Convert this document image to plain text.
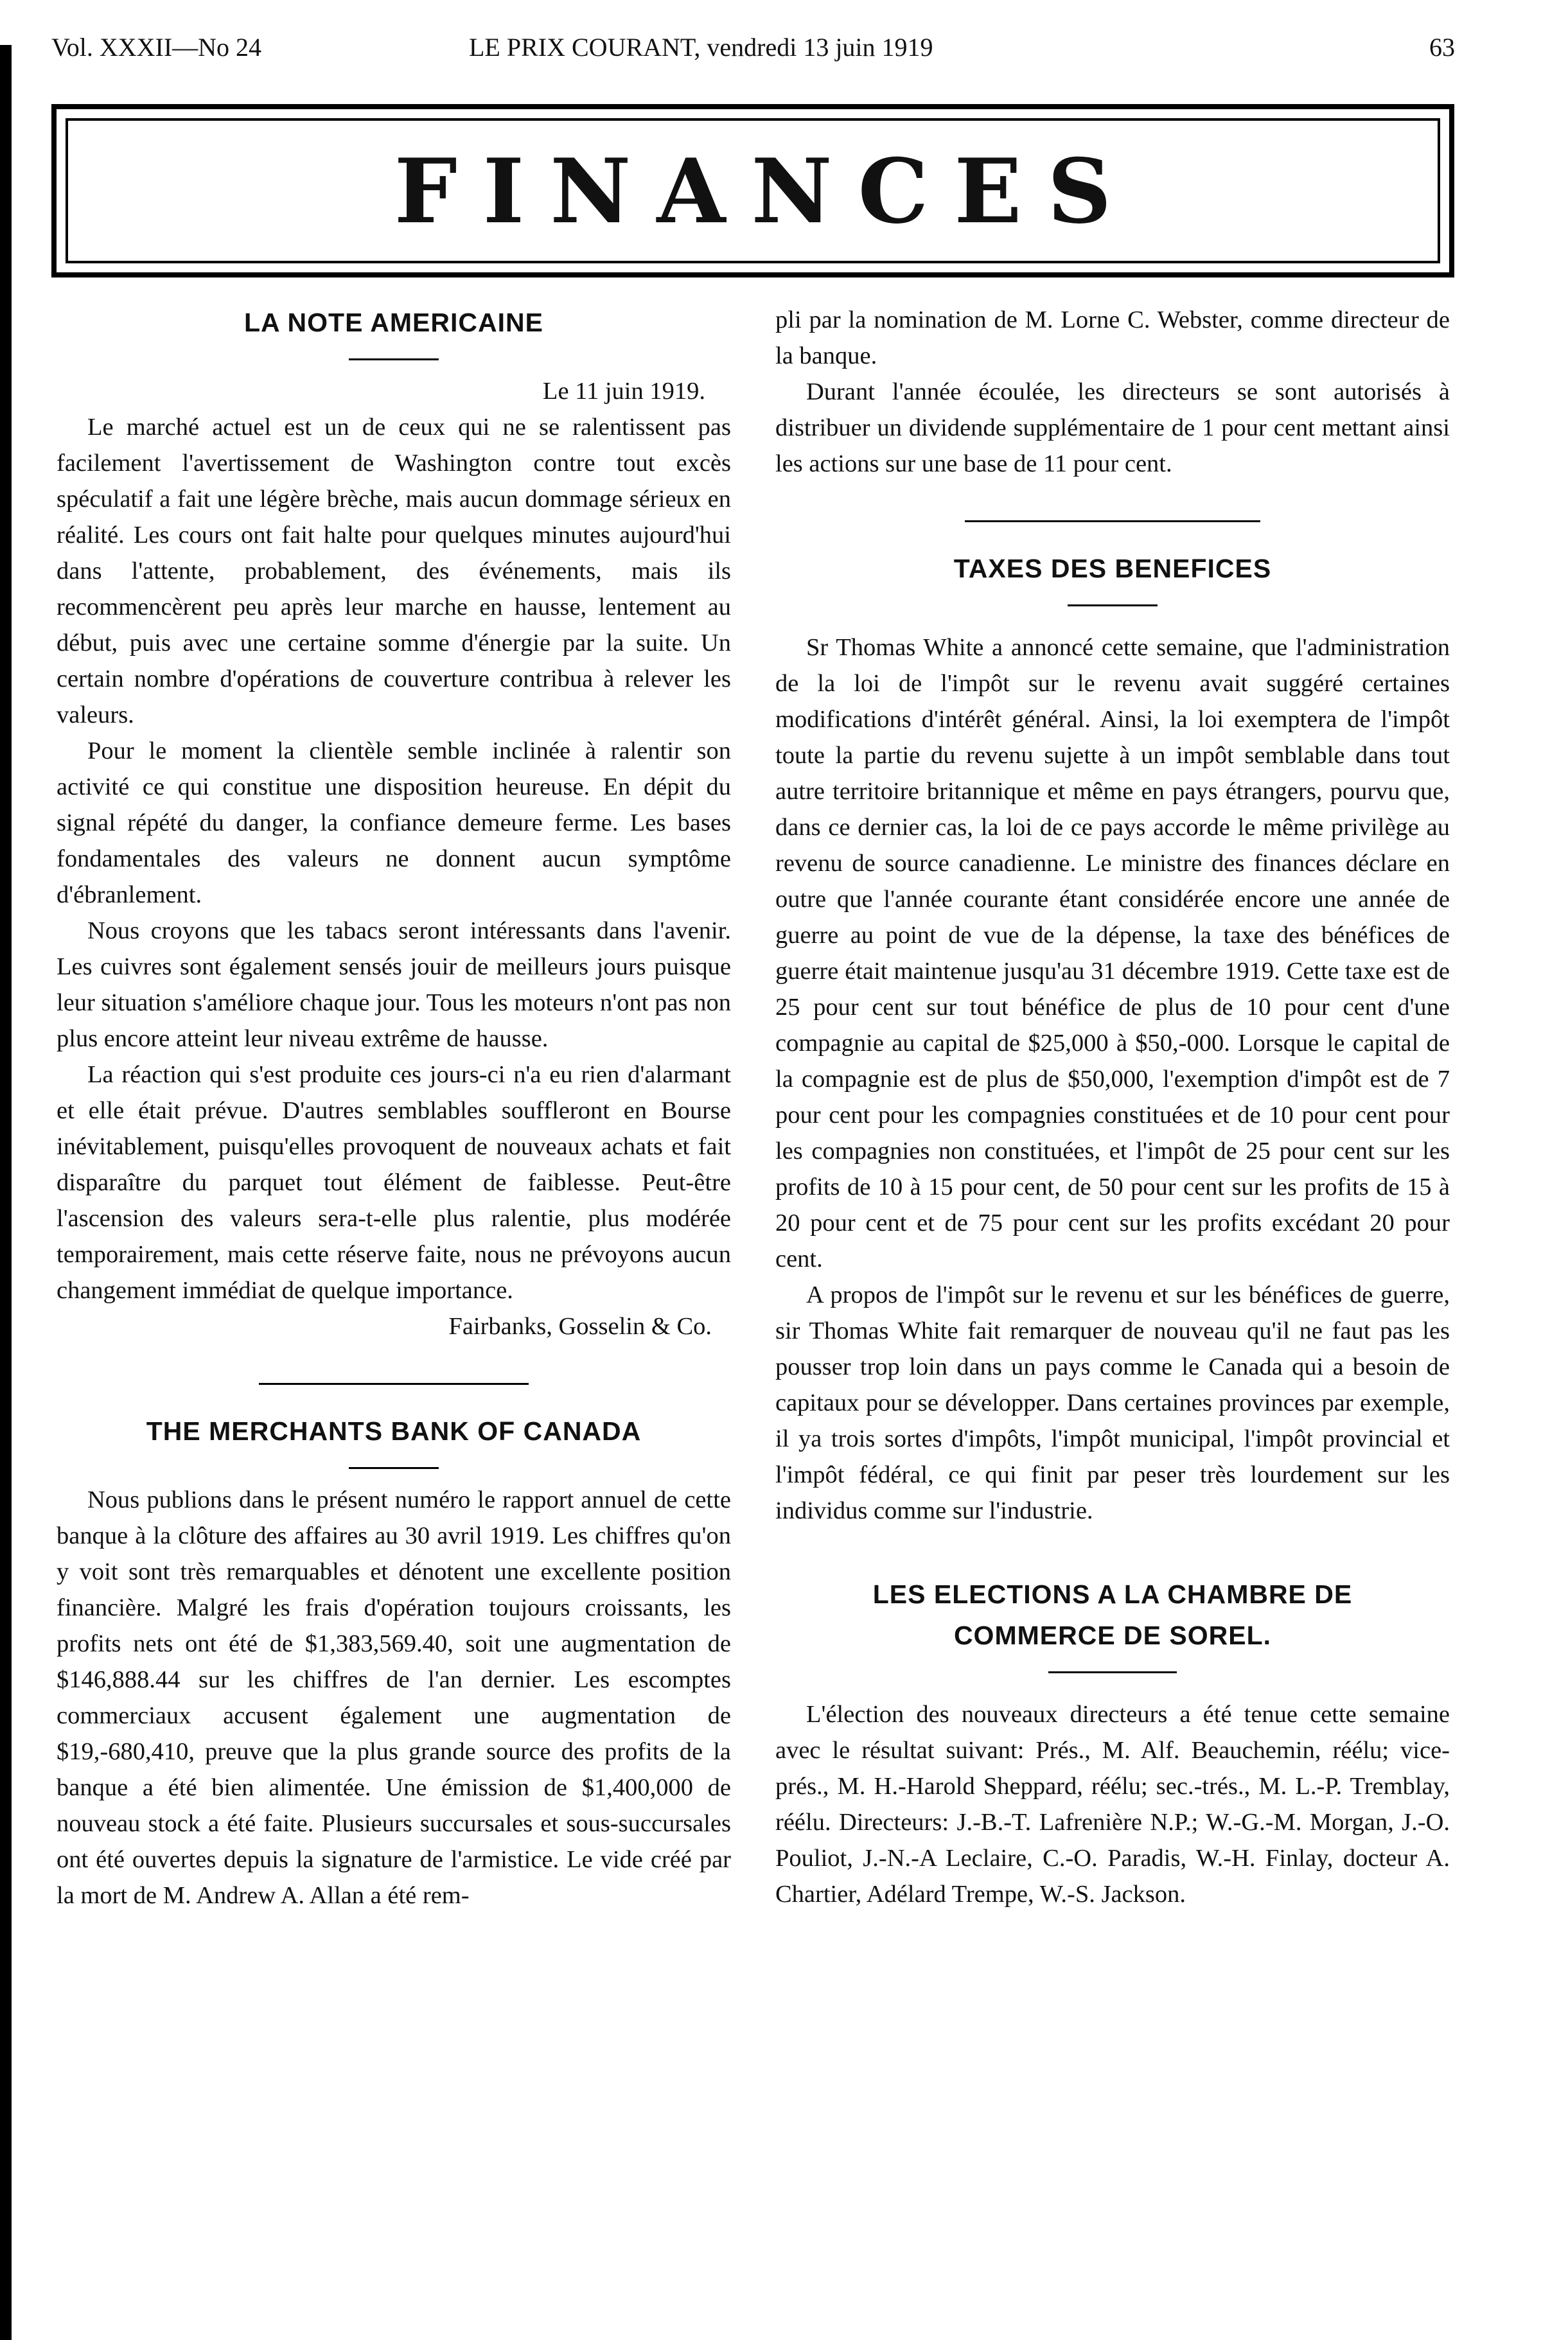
Vol. XXXII—No 24	LE PRIX COURANT, vendredi 13 juin 1919	63
FINANCES
LA NOTE AMERICAINE
Le 11 juin 1919.

Le marché actuel est un de ceux qui ne se ralentissent pas facilement l'avertissement de Washington contre tout excès spéculatif a fait une légère brèche, mais aucun dommage sérieux en réalité. Les cours ont fait halte pour quelques minutes aujourd'hui dans l'attente, probablement, des événements, mais ils recommencèrent peu après leur marche en hausse, lentement au début, puis avec une certaine somme d'énergie par la suite. Un certain nombre d'opérations de couverture contribua à relever les valeurs.

Pour le moment la clientèle semble inclinée à ralentir son activité ce qui constitue une disposition heureuse. En dépit du signal répété du danger, la confiance demeure ferme. Les bases fondamentales des valeurs ne donnent aucun symptôme d'ébranlement.

Nous croyons que les tabacs seront intéressants dans l'avenir. Les cuivres sont également sensés jouir de meilleurs jours puisque leur situation s'améliore chaque jour. Tous les moteurs n'ont pas non plus encore atteint leur niveau extrême de hausse.

La réaction qui s'est produite ces jours-ci n'a eu rien d'alarmant et elle était prévue. D'autres semblables souffleront en Bourse inévitablement, puisqu'elles provoquent de nouveaux achats et fait disparaître du parquet tout élément de faiblesse. Peut-être l'ascension des valeurs sera-t-elle plus ralentie, plus modérée temporairement, mais cette réserve faite, nous ne prévoyons aucun changement immédiat de quelque importance.

Fairbanks, Gosselin & Co.
THE MERCHANTS BANK OF CANADA

Nous publions dans le présent numéro le rapport annuel de cette banque à la clôture des affaires au 30 avril 1919. Les chiffres qu'on y voit sont très remarquables et dénotent une excellente position financière. Malgré les frais d'opération toujours croissants, les profits nets ont été de $1,383,569.40, soit une augmentation de $146,888.44 sur les chiffres de l'an dernier. Les escomptes commerciaux accusent également une augmentation de $19,-680,410, preuve que la plus grande source des profits de la banque a été bien alimentée. Une émission de $1,400,000 de nouveau stock a été faite. Plusieurs succursales et sous-succursales ont été ouvertes depuis la signature de l'armistice. Le vide créé par la mort de M. Andrew A. Allan a été rem-

pli par la nomination de M. Lorne C. Webster, comme directeur de la banque.

Durant l'année écoulée, les directeurs se sont autorisés à distribuer un dividende supplémentaire de 1 pour cent mettant ainsi les actions sur une base de 11 pour cent.

TAXES DES BENEFICES

Sr Thomas White a annoncé cette semaine, que l'administration de la loi de l'impôt sur le revenu avait suggéré certaines modifications d'intérêt général. Ainsi, la loi exemptera de l'impôt toute la partie du revenu sujette à un impôt semblable dans tout autre territoire britannique et même en pays étrangers, pourvu que, dans ce dernier cas, la loi de ce pays accorde le même privilège au revenu de source canadienne. Le ministre des finances déclare en outre que l'année courante étant considérée encore une année de guerre au point de vue de la dépense, la taxe des bénéfices de guerre était maintenue jusqu'au 31 décembre 1919. Cette taxe est de 25 pour cent sur tout bénéfice de plus de 10 pour cent d'une compagnie au capital de $25,000 à $50,-000. Lorsque le capital de la compagnie est de plus de $50,000, l'exemption d'impôt est de 7 pour cent pour les compagnies constituées et de 10 pour cent pour les compagnies non constituées, et l'impôt de 25 pour cent sur les profits de 10 à 15 pour cent, de 50 pour cent sur les profits de 15 à 20 pour cent et de 75 pour cent sur les profits excédant 20 pour cent.

A propos de l'impôt sur le revenu et sur les bénéfices de guerre, sir Thomas White fait remarquer de nouveau qu'il ne faut pas les pousser trop loin dans un pays comme le Canada qui a besoin de capitaux pour se développer. Dans certaines provinces par exemple, il ya trois sortes d'impôts, l'impôt municipal, l'impôt provincial et l'impôt fédéral, ce qui finit par peser très lourdement sur les individus comme sur l'industrie.

LES ELECTIONS A LA CHAMBRE DE
COMMERCE DE SOREL.

L'élection des nouveaux directeurs a été tenue cette semaine avec le résultat suivant: Prés., M. Alf. Beauchemin, réélu; vice-prés., M. H.-Harold Sheppard, réélu; sec.-trés., M. L.-P. Tremblay, réélu. Directeurs: J.-B.-T. Lafrenière N.P.; W.-G.-M. Morgan, J.-O. Pouliot, J.-N.-A Leclaire, C.-O. Paradis, W.-H. Finlay, docteur A. Chartier, Adélard Trempe, W.-S. Jackson.
